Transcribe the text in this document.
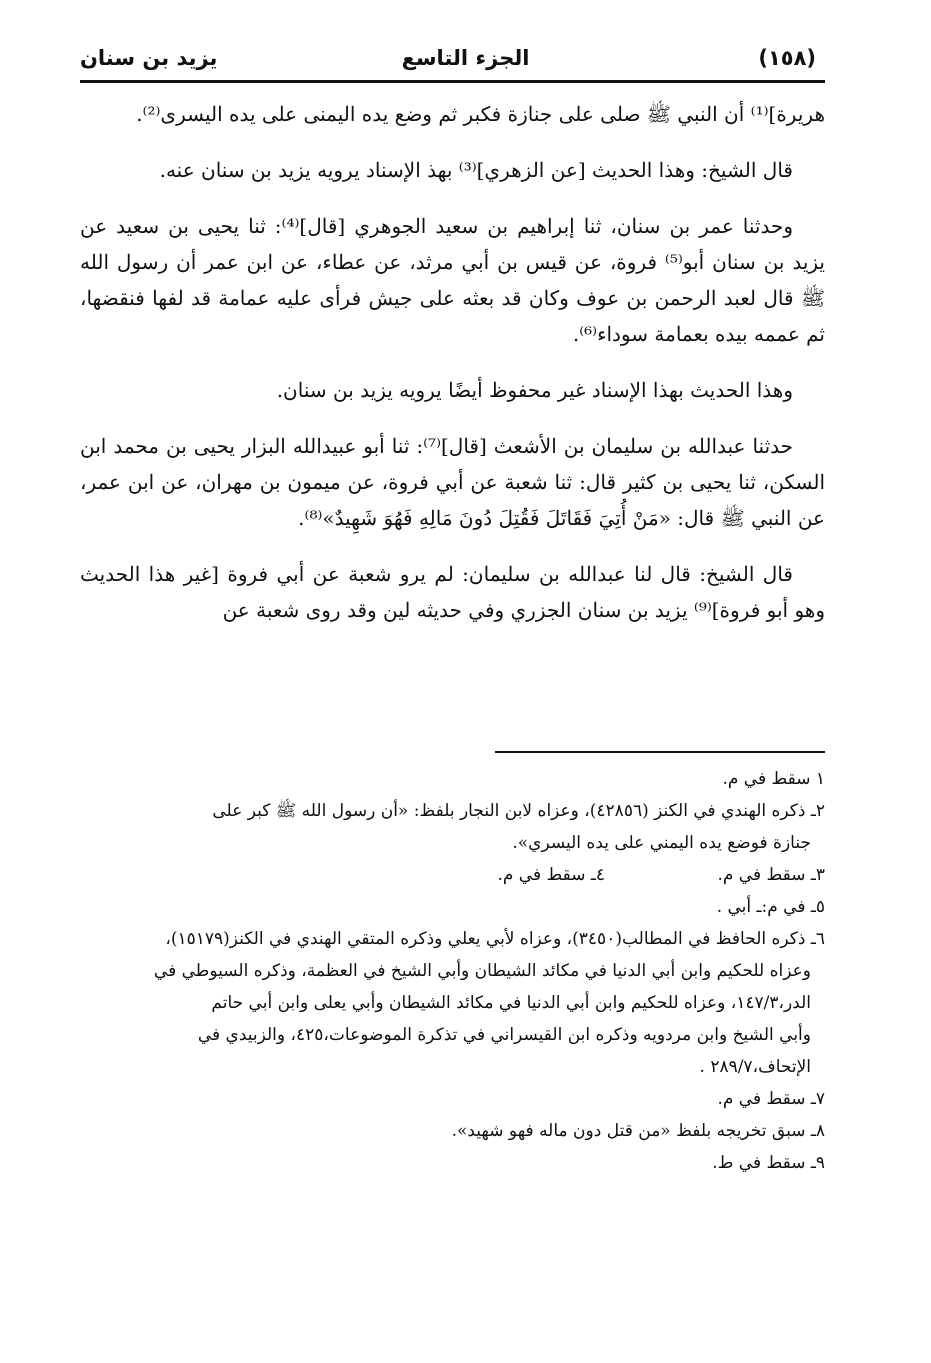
(١٥٨)
الجزء التاسع
يزيد بن سنان

هريرة]⁽¹⁾ أن النبي ﷺ صلى على جنازة فكبر ثم وضع يده اليمنى على يده اليسرى⁽²⁾.

قال الشيخ: وهذا الحديث [عن الزهري]⁽³⁾ بهذ الإسناد يرويه يزيد بن سنان عنه.

وحدثنا عمر بن سنان، ثنا إبراهيم بن سعيد الجوهري [قال]⁽⁴⁾: ثنا يحيى بن سعيد عن يزيد بن سنان أبو⁽⁵⁾ فروة، عن قيس بن أبي مرثد، عن عطاء، عن ابن عمر أن رسول الله ﷺ قال لعبد الرحمن بن عوف وكان قد بعثه على جيش فرأى عليه عمامة قد لفها فنقضها، ثم عممه بيده بعمامة سوداء⁽⁶⁾.

وهذا الحديث بهذا الإسناد غير محفوظ أيضًا يرويه يزيد بن سنان.

حدثنا عبدالله بن سليمان بن الأشعث [قال]⁽⁷⁾: ثنا أبو عبيدالله البزار يحيى بن محمد ابن السكن، ثنا يحيى بن كثير قال: ثنا شعبة عن أبي فروة، عن ميمون بن مهران، عن ابن عمر، عن النبي ﷺ قال: «مَنْ أُتِيَ فَقَاتَلَ فَقُتِلَ دُونَ مَالِهِ فَهُوَ شَهِيدٌ»⁽⁸⁾.

قال الشيخ: قال لنا عبدالله بن سليمان: لم يرو شعبة عن أبي فروة [غير هذا الحديث وهو أبو فروة]⁽⁹⁾ يزيد بن سنان الجزري وفي حديثه لين وقد روى شعبة عن

١ سقط في م.

٢ـ ذكره الهندي في الكنز (٤٢٨٥٦)، وعزاه لابن النجار بلفظ: «أن رسول الله ﷺ كبر على

جنازة فوضع يده اليمني على يده اليسري».

٣ـ سقط في م.
٤ـ سقط في م.

٥ـ في م:ـ أبي .

٦ـ ذكره الحافظ في المطالب(٣٤٥٠)، وعزاه لأبي يعلي وذكره المتقي الهندي في الكنز(١٥١٧٩)،

وعزاه للحكيم وابن أبي الدنيا في مكائد الشيطان وأبي الشيخ في العظمة، وذكره السيوطي في

الدر،١٤٧/٣، وعزاه للحكيم وابن أبي الدنيا في مكائد الشيطان وأبي يعلى وابن أبي حاتم

وأبي الشيخ وابن مردويه وذكره ابن القيسراني في تذكرة الموضوعات،٤٢٥، والزبيدي في

الإتحاف،٢٨٩/٧ .

٧ـ سقط في م.

٨ـ سبق تخريجه بلفظ «من قتل دون ماله فهو شهيد».

٩ـ سقط في ط.
